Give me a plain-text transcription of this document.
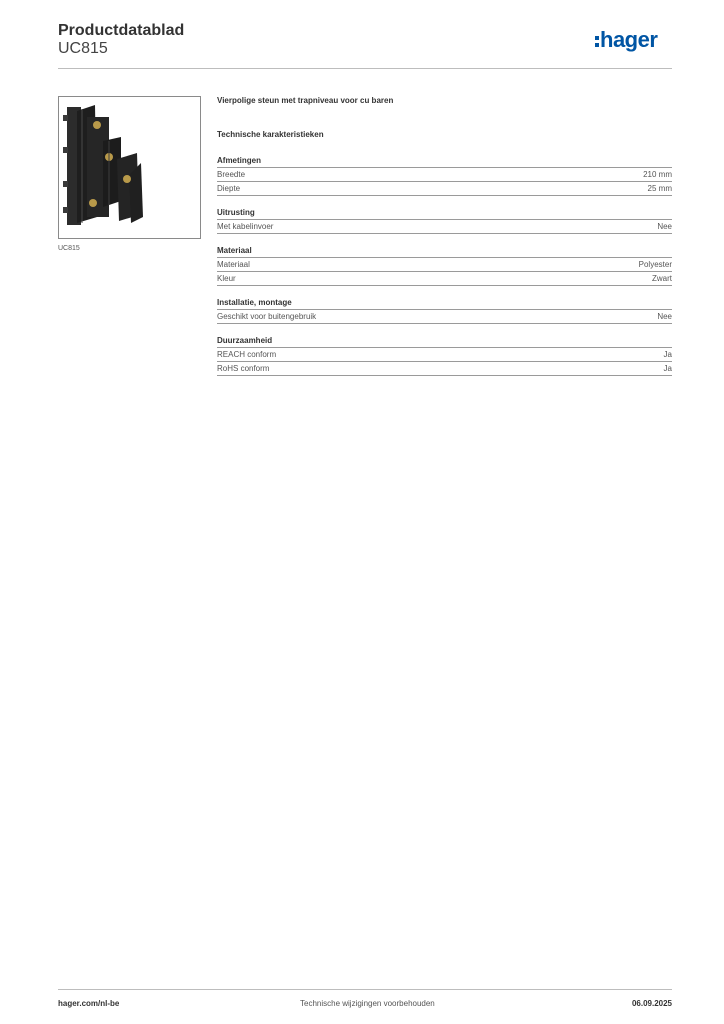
Productdatablad
UC815	hager
UC815
Vierpolige steun met trapniveau voor cu baren
Technische karakteristieken
Afmetingen
Breedte	210 mm
Diepte	25 mm
Uitrusting
Met kabelinvoer	Nee
Materiaal
Materiaal	Polyester
Kleur	Zwart
Installatie, montage
Geschikt voor buitengebruik	Nee
Duurzaamheid
REACH conform	Ja
RoHS conform	Ja
hager.com/nl-be	Technische wijzigingen voorbehouden	06.09.2025
